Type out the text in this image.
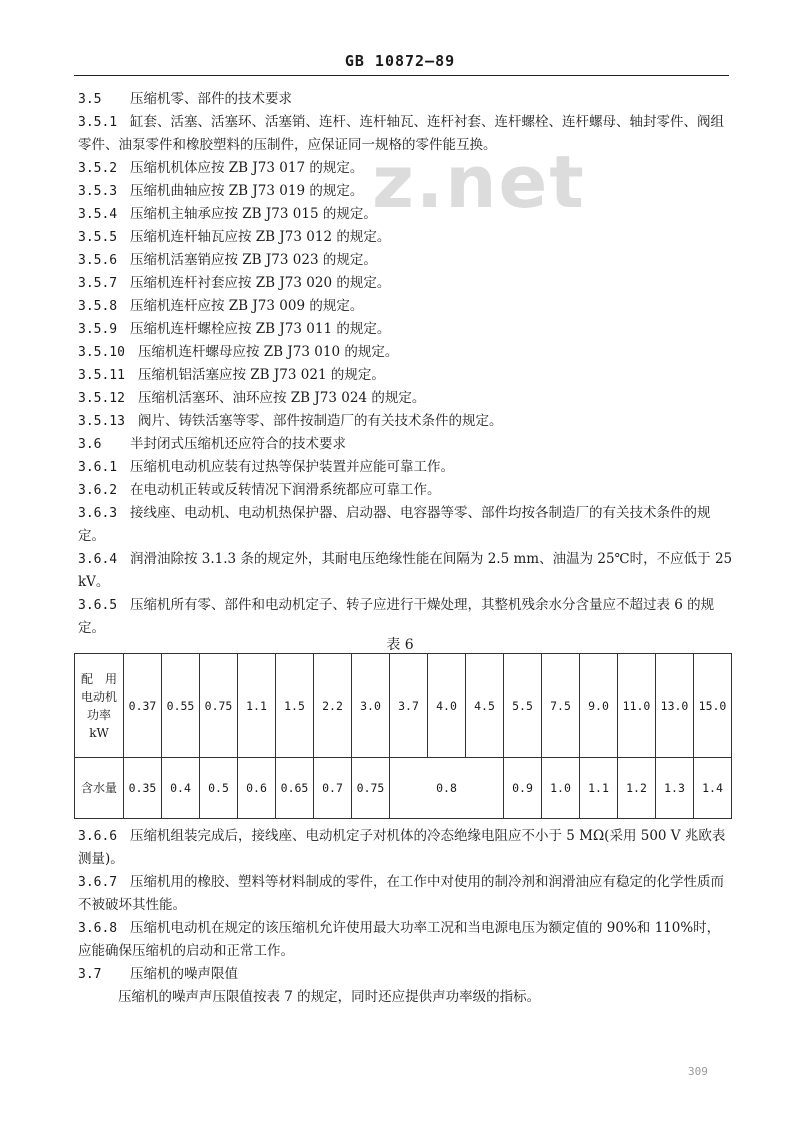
GB 10872—89
z.net
3.5 压缩机零、部件的技术要求
3.5.1 缸套、活塞、活塞环、活塞销、连杆、连杆轴瓦、连杆衬套、连杆螺栓、连杆螺母、轴封零件、阀组零件、油泵零件和橡胶塑料的压制件，应保证同一规格的零件能互换。
3.5.2 压缩机机体应按 ZB J73 017 的规定。
3.5.3 压缩机曲轴应按 ZB J73 019 的规定。
3.5.4 压缩机主轴承应按 ZB J73 015 的规定。
3.5.5 压缩机连杆轴瓦应按 ZB J73 012 的规定。
3.5.6 压缩机活塞销应按 ZB J73 023 的规定。
3.5.7 压缩机连杆衬套应按 ZB J73 020 的规定。
3.5.8 压缩机连杆应按 ZB J73 009 的规定。
3.5.9 压缩机连杆螺栓应按 ZB J73 011 的规定。
3.5.10 压缩机连杆螺母应按 ZB J73 010 的规定。
3.5.11 压缩机铝活塞应按 ZB J73 021 的规定。
3.5.12 压缩机活塞环、油环应按 ZB J73 024 的规定。
3.5.13 阀片、铸铁活塞等零、部件按制造厂的有关技术条件的规定。
3.6 半封闭式压缩机还应符合的技术要求
3.6.1 压缩机电动机应装有过热等保护装置并应能可靠工作。
3.6.2 在电动机正转或反转情况下润滑系统都应可靠工作。
3.6.3 接线座、电动机、电动机热保护器、启动器、电容器等零、部件均按各制造厂的有关技术条件的规定。
3.6.4 润滑油除按 3.1.3 条的规定外，其耐电压绝缘性能在间隔为 2.5 mm、油温为 25℃时，不应低于 25 kV。
3.6.5 压缩机所有零、部件和电动机定子、转子应进行干燥处理，其整机残余水分含量应不超过表 6 的规定。
表 6
配　用
电动机
功率
kW	0.37	0.55	0.75	1.1	1.5	2.2	3.0	3.7	4.0	4.5	5.5	7.5	9.0	11.0	13.0	15.0
含水量	0.35	0.4	0.5	0.6	0.65	0.7	0.75	0.8			0.9	1.0	1.1	1.2	1.3	1.4
3.6.6 压缩机组装完成后，接线座、电动机定子对机体的冷态绝缘电阻应不小于 5 MΩ(采用 500 V 兆欧表测量)。
3.6.7 压缩机用的橡胶、塑料等材料制成的零件，在工作中对使用的制冷剂和润滑油应有稳定的化学性质而不被破坏其性能。
3.6.8 压缩机电动机在规定的该压缩机允许使用最大功率工况和当电源电压为额定值的 90%和 110%时，应能确保压缩机的启动和正常工作。
3.7 压缩机的噪声限值
压缩机的噪声声压限值按表 7 的规定，同时还应提供声功率级的指标。
309
